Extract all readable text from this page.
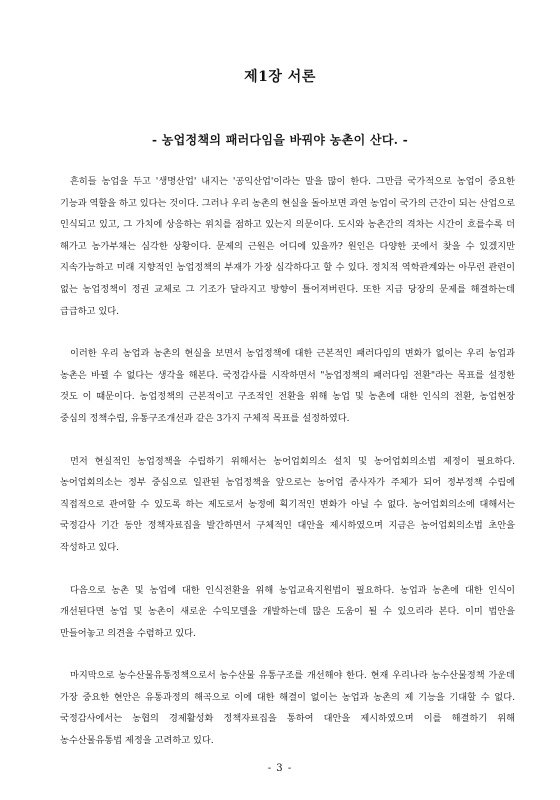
제1장 서론
- 농업정책의 패러다임을 바꿔야 농촌이 산다. -

흔히들 농업을 두고 '생명산업' 내지는 '공익산업'이라는 말을 많이 한다. 그만큼 국가적으로 농업이 중요한 기능과 역할을 하고 있다는 것이다. 그러나 우리 농촌의 현실을 돌아보면 과연 농업이 국가의 근간이 되는 산업으로 인식되고 있고, 그 가치에 상응하는 위치를 점하고 있는지 의문이다. 도시와 농촌간의 격차는 시간이 흐를수록 더 해가고 농가부채는 심각한 상황이다. 문제의 근원은 어디에 있을까? 원인은 다양한 곳에서 찾을 수 있겠지만 지속가능하고 미래 지향적인 농업정책의 부재가 가장 심각하다고 할 수 있다. 정치적 역학관계와는 아무런 관련이 없는 농업정책이 정권 교체로 그 기조가 달라지고 방향이 틀어져버린다. 또한 지금 당장의 문제를 해결하는데 급급하고 있다.

이러한 우리 농업과 농촌의 현실을 보면서 농업정책에 대한 근본적인 패러다임의 변화가 없이는 우리 농업과 농촌은 바뀔 수 없다는 생각을 해본다. 국정감사를 시작하면서 "농업정책의 패러다임 전환"라는 목표를 설정한 것도 이 때문이다. 농업정책의 근본적이고 구조적인 전환을 위해 농업 및 농촌에 대한 인식의 전환, 농업현장 중심의 정책수립, 유통구조개선과 같은 3가지 구체적 목표를 설정하였다.

먼저 현실적인 농업정책을 수립하기 위해서는 농어업회의소 설치 및 농어업회의소법 제정이 필요하다. 농어업회의소는 정부 중심으로 일관된 농업정책을 앞으로는 농어업 종사자가 주체가 되어 정부정책 수립에 직접적으로 관여할 수 있도록 하는 제도로서 농정에 획기적인 변화가 아닐 수 없다. 농어업회의소에 대해서는 국정감사 기간 동안 정책자료집을 발간하면서 구체적인 대안을 제시하였으며 지금은 농어업회의소법 초안을 작성하고 있다.

다음으로 농촌 및 농업에 대한 인식전환을 위해 농업교육지원법이 필요하다. 농업과 농촌에 대한 인식이 개선된다면 농업 및 농촌이 새로운 수익모델을 개발하는데 많은 도움이 될 수 있으리라 본다. 이미 법안을 만들어놓고 의견을 수렴하고 있다.

마지막으로 농수산물유통정책으로서 농수산물 유통구조를 개선해야 한다. 현재 우리나라 농수산물정책 가운데 가장 중요한 현안은 유통과정의 해곡으로 이에 대한 해결이 없이는 농업과 농촌의 제 기능을 기대할 수 없다. 국정감사에서는 농협의 경제활성화 정책자료집을 통하여 대안을 제시하였으며 이를 해결하기 위해 농수산물유통법 제정을 고려하고 있다.

- 3 -
